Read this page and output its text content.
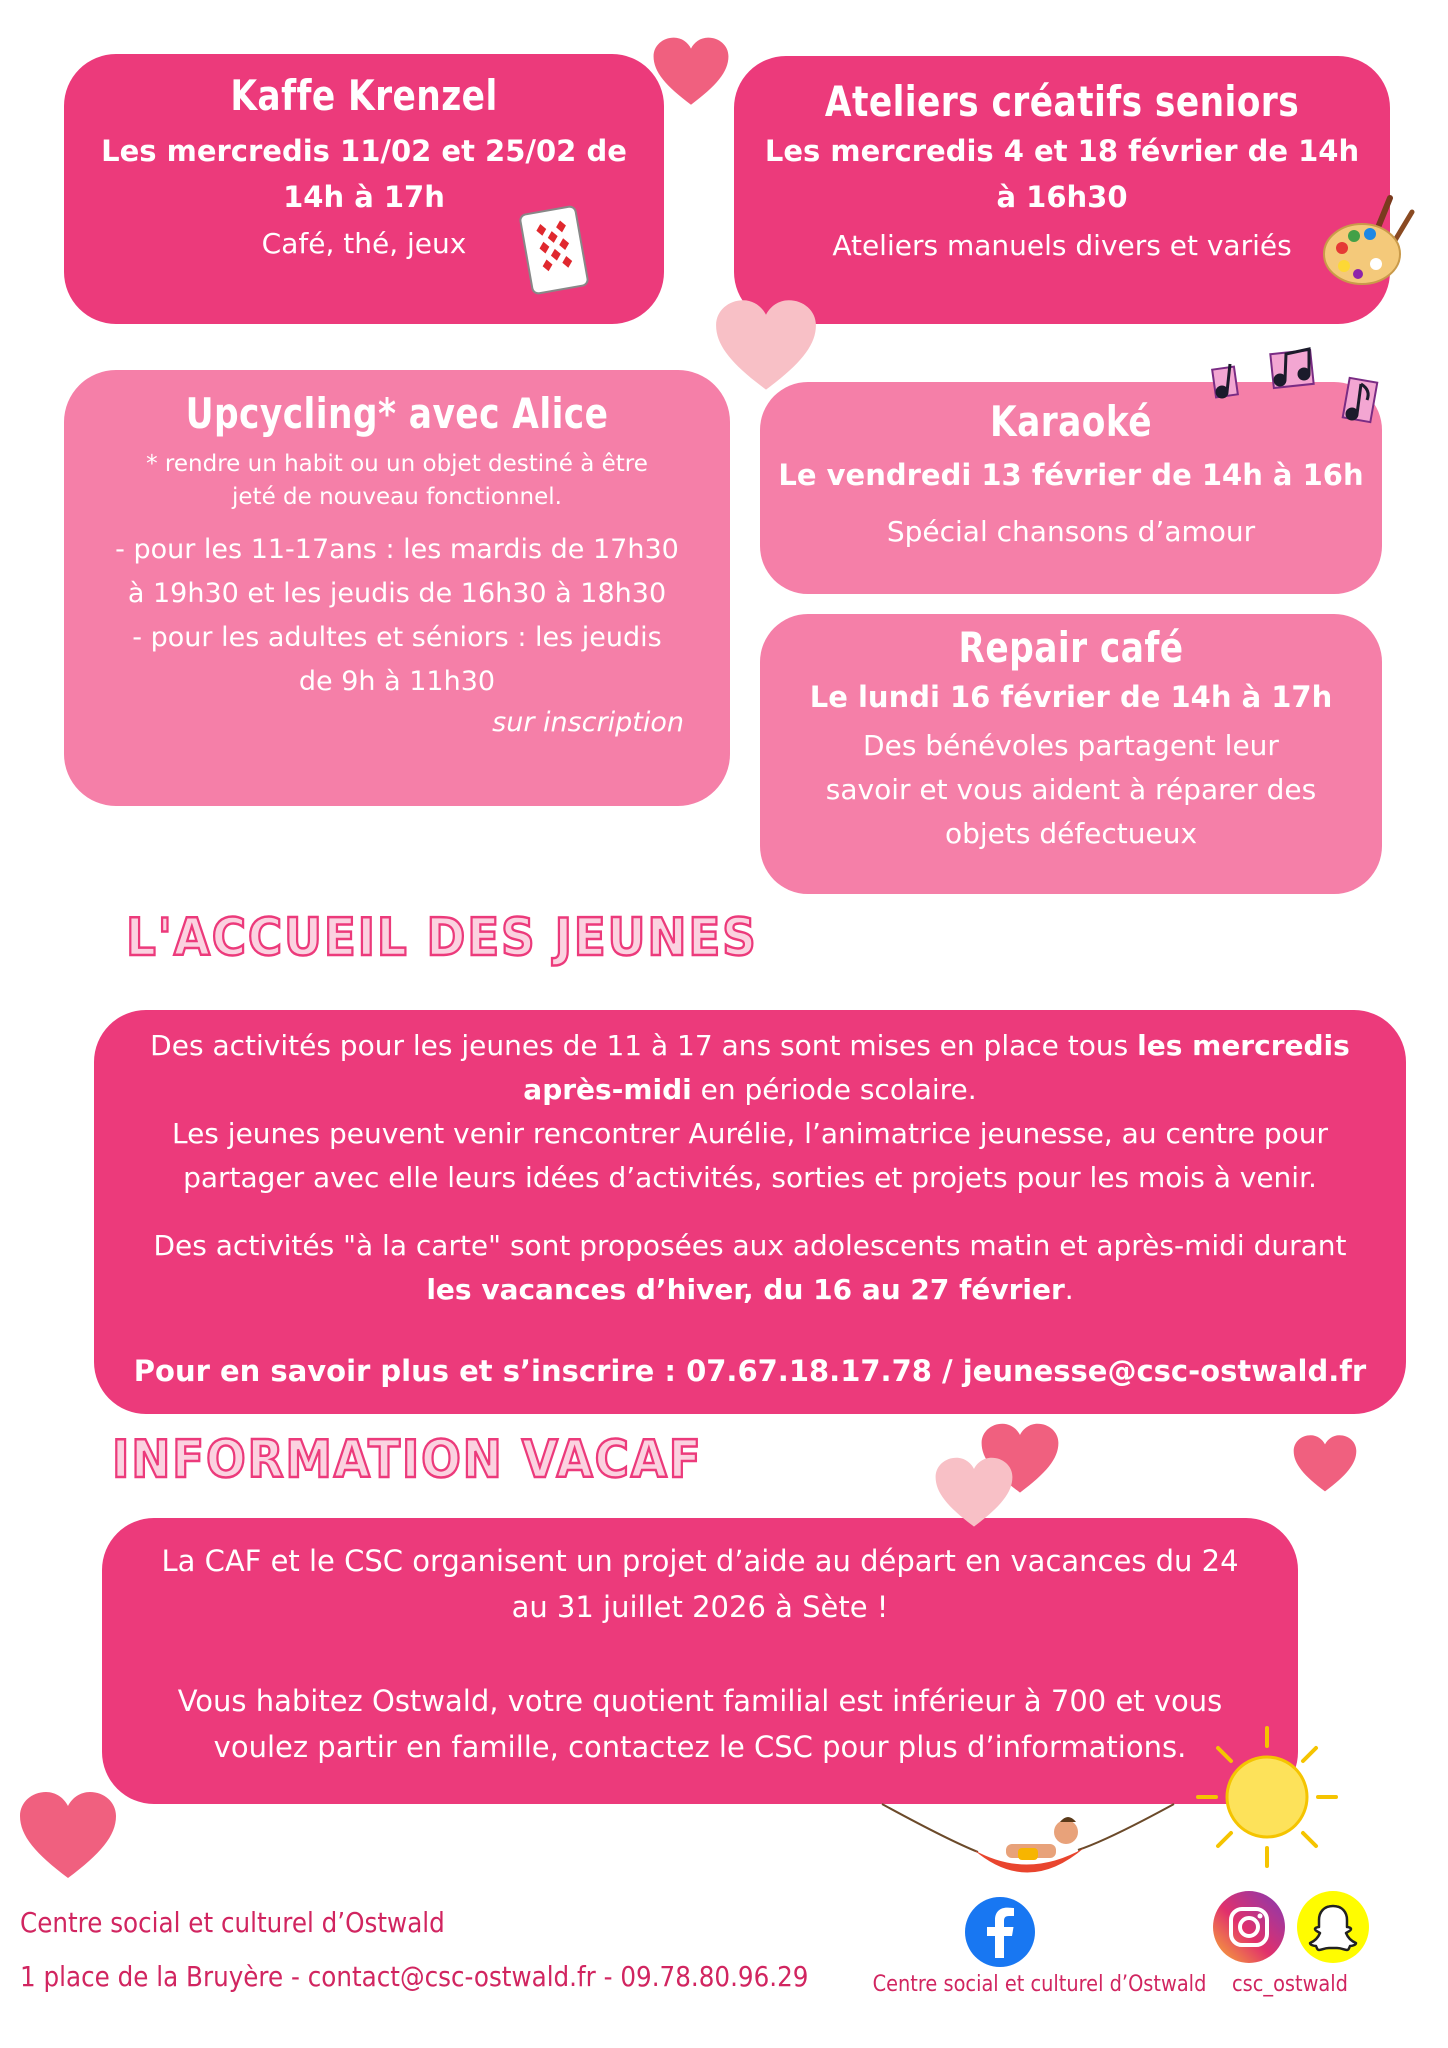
Kaffe Krenzel

Les mercredis 11/02 et 25/02 de

14h à 17h

Café, thé, jeux

Ateliers créatifs seniors

Les mercredis 4 et 18 février de 14h

à 16h30

Ateliers manuels divers et variés

Upcycling* avec Alice

* rendre un habit ou un objet destiné à être

jeté de nouveau fonctionnel.

- pour les 11-17ans : les mardis de 17h30

à 19h30 et les jeudis de 16h30 à 18h30

- pour les adultes et séniors : les jeudis

de 9h à 11h30

sur inscription

Karaoké

Le vendredi 13 février de 14h à 16h

Spécial chansons d’amour

Repair café

Le lundi 16 février de 14h à 17h

Des bénévoles partagent leur

savoir et vous aident à réparer des

objets défectueux

L'ACCUEIL DES JEUNES

Des activités pour les jeunes de 11 à 17 ans sont mises en place tous les mercredis
après-midi en période scolaire.

Les jeunes peuvent venir rencontrer Aurélie, l’animatrice jeunesse, au centre pour

partager avec elle leurs idées d’activités, sorties et projets pour les mois à venir.

Des activités "à la carte" sont proposées aux adolescents matin et après-midi durant

les vacances d’hiver, du 16 au 27 février.

Pour en savoir plus et s’inscrire : 07.67.18.17.78 / jeunesse@csc-ostwald.fr

INFORMATION VACAF

La CAF et le CSC organisent un projet d’aide au départ en vacances du 24

au 31 juillet 2026 à Sète !

Vous habitez Ostwald, votre quotient familial est inférieur à 700 et vous

voulez partir en famille, contactez le CSC pour plus d’informations.

Centre social et culturel d’Ostwald
1 place de la Bruyère - contact@csc-ostwald.fr - 09.78.80.96.29	Centre social et culturel d’Ostwald	csc_ostwald
